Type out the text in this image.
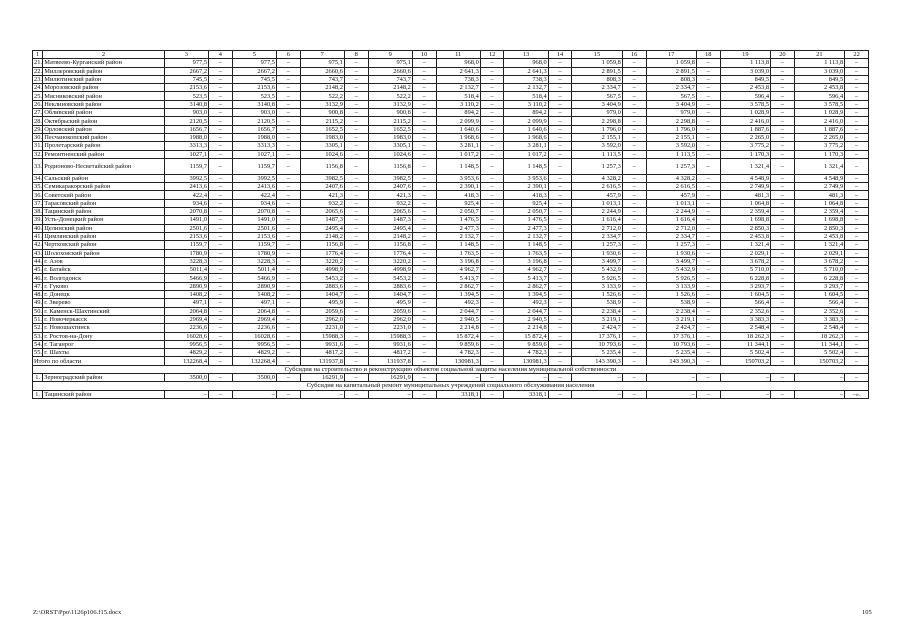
1	2	3	4	5	6	7	8	9	10	11	12	13	14	15	16	17	18	19	20	21	22
21.	Матвеево-Курганский район	977,5	–	977,5	–	975,1	–	975,1	–	968,0	–	968,0	–	1 059,8	–	1 059,8	–	1 113,8	–	1 113,8	–
22.	Миллеровский район	2667,2	–	2667,2	–	2660,6	–	2660,6	–	2 641,3	–	2 641,3	–	2 891,5	–	2 891,5	–	3 039,0	–	3 039,0	–
23.	Милютинский район	745,5	–	745,5	–	743,7	–	743,7	–	738,3	–	738,3	–	808,3	–	808,3	–	849,5	–	849,5	–
24.	Морозовский район	2153,6	–	2153,6	–	2148,2	–	2148,2	–	2 132,7	–	2 132,7	–	2 334,7	–	2 334,7	–	2 453,8	–	2 453,8	–
25.	Мясниковский район	523,5	–	523,5	–	522,2	–	522,2	–	518,4	–	518,4	–	567,5	–	567,5	–	596,4	–	596,4	–
26.	Неклиновский район	3140,8	–	3140,8	–	3132,9	–	3132,9	–	3 110,2	–	3 110,2	–	3 404,9	–	3 404,9	–	3 578,5	–	3 578,5	–
27.	Обливский район	903,0	–	903,0	–	900,8	–	900,8	–	894,2	–	894,2	–	979,0	–	979,0	–	1 028,9	–	1 028,9	–
28.	Октябрьский район	2120,5	–	2120,5	–	2115,2	–	2115,2	–	2 099,9	–	2 099,9	–	2 298,8	–	2 298,8	–	2 416,0	–	2 416,0	–
29.	Орловский район	1656,7	–	1656,7	–	1652,5	–	1652,5	–	1 640,6	–	1 640,6	–	1 796,0	–	1 796,0	–	1 887,6	–	1 887,6	–
30.	Песчанокопский район	1988,0	–	1988,0	–	1983,0	–	1983,0	–	1 968,6	–	1 968,6	–	2 155,1	–	2 155,1	–	2 265,0	–	2 265,0	–
31.	Пролетарский район	3313,3	–	3313,3	–	3305,1	–	3305,1	–	3 281,1	–	3 281,1	–	3 592,0	–	3 592,0	–	3 775,2	–	3 775,2	–
32.	Ремонтненский район	1027,1	–	1027,1	–	1024,6	–	1024,6	–	1 017,2	–	1 017,2	–	1 113,5	–	1 113,5	–	1 170,3	–	1 170,3	–
33.	Родионово-Несветайский район	1159,7	–	1159,7	–	1156,8	–	1156,8	–	1 148,5	–	1 148,5	–	1 257,3	–	1 257,3	–	1 321,4	–	1 321,4	–
34.	Сальский район	3992,5	–	3992,5	–	3982,5	–	3982,5	–	3 953,6	–	3 953,6	–	4 328,2	–	4 328,2	–	4 548,9	–	4 548,9	–
35.	Семикаракорский район	2413,6	–	2413,6	–	2407,6	–	2407,6	–	2 390,1	–	2 390,1	–	2 616,5	–	2 616,5	–	2 749,9	–	2 749,9	–
36.	Советский район	422,4	–	422,4	–	421,3	–	421,3	–	418,3	–	418,3	–	457,9	–	457,9	–	481,3	–	481,3	–
37.	Тарасовский район	934,6	–	934,6	–	932,2	–	932,2	–	925,4	–	925,4	–	1 013,1	–	1 013,1	–	1 064,8	–	1 064,8	–
38.	Тацинский район	2070,8	–	2070,8	–	2065,6	–	2065,6	–	2 050,7	–	2 050,7	–	2 244,9	–	2 244,9	–	2 359,4	–	2 359,4	–
39.	Усть-Донецкий район	1491,0	–	1491,0	–	1487,3	–	1487,3	–	1 476,5	–	1 476,5	–	1 616,4	–	1 616,4	–	1 698,8	–	1 698,8	–
40.	Целинский район	2501,6	–	2501,6	–	2495,4	–	2495,4	–	2 477,3	–	2 477,3	–	2 712,0	–	2 712,0	–	2 850,3	–	2 850,3	–
41.	Цимлянский район	2153,6	–	2153,6	–	2148,2	–	2148,2	–	2 132,7	–	2 132,7	–	2 334,7	–	2 334,7	–	2 453,8	–	2 453,8	–
42.	Чертковский район	1159,7	–	1159,7	–	1156,8	–	1156,8	–	1 148,5	–	1 148,5	–	1 257,3	–	1 257,3	–	1 321,4	–	1 321,4	–
43.	Шолоховский район	1780,9	–	1780,9	–	1776,4	–	1776,4	–	1 763,5	–	1 763,5	–	1 930,6	–	1 930,6	–	2 029,1	–	2 029,1	–
44.	г. Азов	3228,3	–	3228,3	–	3220,2	–	3220,2	–	3 196,8	–	3 196,8	–	3 499,7	–	3 499,7	–	3 678,2	–	3 678,2	–
45.	г. Батайск	5011,4	–	5011,4	–	4998,9	–	4998,9	–	4 962,7	–	4 962,7	–	5 432,9	–	5 432,9	–	5 710,0	–	5 710,0	–
46.	г. Волгодонск	5466,9	–	5466,9	–	5453,2	–	5453,2	–	5 413,7	–	5 413,7	–	5 926,5	–	5 926,5	–	6 228,8	–	6 228,8	–
47.	г. Гуково	2890,9	–	2890,9	–	2883,6	–	2883,6	–	2 862,7	–	2 862,7	–	3 133,9	–	3 133,9	–	3 293,7	–	3 293,7	–
48.	г. Донецк	1408,2	–	1408,2	–	1404,7	–	1404,7	–	1 394,5	–	1 394,5	–	1 526,6	–	1 526,6	–	1 604,5	–	1 604,5	–
49.	г. Зверево	497,1	–	497,1	–	495,9	–	495,9	–	492,3	–	492,3	–	538,9	–	538,9	–	566,4	–	566,4	–
50.	г. Каменск-Шахтинский	2064,8	–	2064,8	–	2059,6	–	2059,6	–	2 044,7	–	2 044,7	–	2 238,4	–	2 238,4	–	2 352,6	–	2 352,6	–
51.	г. Новочеркасск	2969,4	–	2969,4	–	2962,0	–	2962,0	–	2 940,5	–	2 940,5	–	3 219,1	–	3 219,1	–	3 383,3	–	3 383,3	–
52.	г. Новошахтинск	2236,6	–	2236,6	–	2231,0	–	2231,0	–	2 214,8	–	2 214,8	–	2 424,7	–	2 424,7	–	2 548,4	–	2 548,4	–
53.	г. Ростов-на-Дону	16028,6	–	16028,6	–	15988,3	–	15988,3	–	15 872,4	–	15 872,4	–	17 376,1	–	17 376,1	–	18 262,3	–	18 262,3	–
54.	г. Таганрог	9956,5	–	9956,5	–	9931,6	–	9931,6	–	9 859,6	–	9 859,6	–	10 793,6	–	10 793,6	–	11 344,1	–	11 344,1	–
55.	г. Шахты	4829,2	–	4829,2	–	4817,2	–	4817,2	–	4 782,3	–	4 782,3	–	5 235,4	–	5 235,4	–	5 502,4	–	5 502,4	–
Итого по области		132268,4	–	132268,4	–	131937,8	–	131937,8	–	130981,3	–	130981,3	–	143 390,3	–	143 390,3	–	150703,2	–	150703,2	–
Субсидия на строительство и реконструкцию объектов социальной защиты населения муниципальной собственности																					
1.	Зерноградский район	3500,0	–	3500,0	–	16291,9	–	16291,9	–	–	–	–	–	–	–	–	–	–	–	–	–
Субсидия на капитальный ремонт муниципальных учреждений социального обслуживания населения																					
1.	Тацинский район	–	–	–	–	–	–	–	–	3318,1	–	3318,1	–	–	–	–	–	–	–	–	–».
Z:\ORST\Ppo\1126p106.f15.docx	105
